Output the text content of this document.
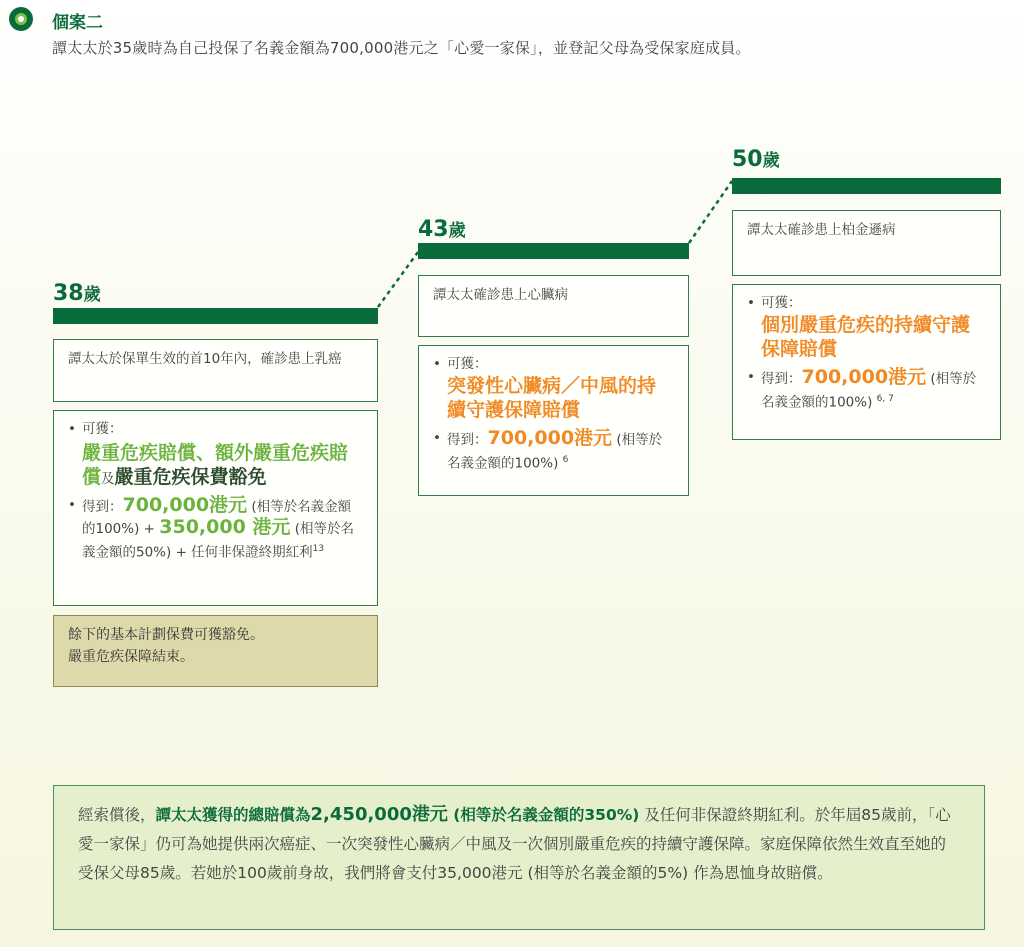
個案二
譚太太於35歲時為自己投保了名義金額為700,000港元之「心愛一家保」，並登記父母為受保家庭成員。
38歲
譚太太於保單生效的首10年內，確診患上乳癌
• 可獲：
嚴重危疾賠償、額外嚴重危疾賠償及嚴重危疾保費豁免
• 得到：700,000港元 (相等於名義金額的100%) + 350,000 港元 (相等於名義金額的50%) + 任何非保證終期紅利$^{13}$
餘下的基本計劃保費可獲豁免。
嚴重危疾保障結束。
43歲
譚太太確診患上心臟病
• 可獲：
突發性心臟病／中風的持續守護保障賠償
• 得到：700,000港元 (相等於名義金額的100%) $^6$
50歲
譚太太確診患上柏金遜病
• 可獲：
個別嚴重危疾的持續守護保障賠償
• 得到：700,000港元 (相等於名義金額的100%) $^{6, 7}$
經索償後，譚太太獲得的總賠償為2,450,000港元 (相等於名義金額的350%) 及任何非保證終期紅利。於年屆85歲前，「心愛一家保」仍可為她提供兩次癌症、一次突發性心臟病／中風及一次個別嚴重危疾的持續守護保障。家庭保障依然生效直至她的受保父母85歲。若她於100歲前身故，我們將會支付35,000港元 (相等於名義金額的5%) 作為恩恤身故賠償。
